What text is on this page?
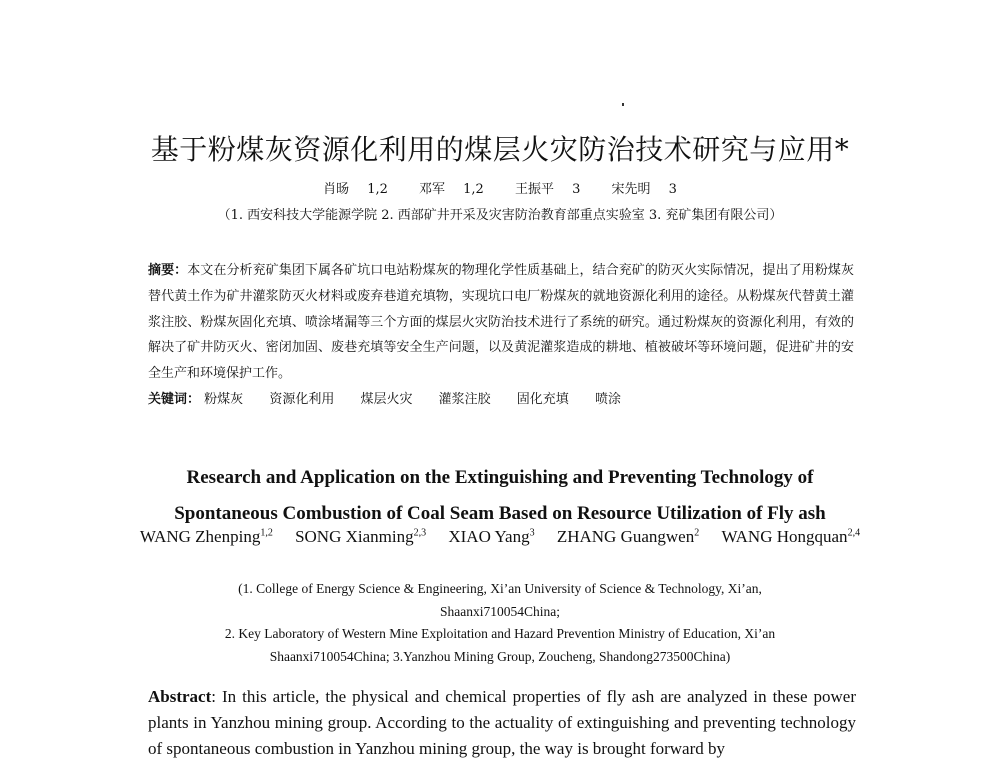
基于粉煤灰资源化利用的煤层火灾防治技术研究与应用*
肖旸 1,2　 邓军 1,2　 王振平 3　 宋先明 3
（1. 西安科技大学能源学院 2. 西部矿井开采及灾害防治教育部重点实验室 3. 兖矿集团有限公司）
摘要：本文在分析兖矿集团下属各矿坑口电站粉煤灰的物理化学性质基础上，结合兖矿的防灭火实际情况，提出了用粉煤灰替代黄土作为矿井灌浆防灭火材料或废弃巷道充填物，实现坑口电厂粉煤灰的就地资源化利用的途径。从粉煤灰代替黄土灌浆注胶、粉煤灰固化充填、喷涂堵漏等三个方面的煤层火灾防治技术进行了系统的研究。通过粉煤灰的资源化利用，有效的解决了矿井防灭火、密闭加固、废巷充填等安全生产问题，以及黄泥灌浆造成的耕地、植被破坏等环境问题，促进矿井的安全生产和环境保护工作。
关键词： 粉煤灰 资源化利用 煤层火灾 灌浆注胶 固化充填 喷涂
Research and Application on the Extinguishing and Preventing Technology of
Spontaneous Combustion of Coal Seam Based on Resource Utilization of Fly ash
WANG Zhenping$^{1,2}$ SONG Xianming$^{2,3}$ XIAO Yang$^3$ ZHANG Guangwen$^2$ WANG Hongquan$^{2,4}$
(1. College of Energy Science & Engineering, Xi’an University of Science & Technology, Xi’an,
Shaanxi710054China;
2. Key Laboratory of Western Mine Exploitation and Hazard Prevention Ministry of Education, Xi’an
Shaanxi710054China; 3.Yanzhou Mining Group, Zoucheng, Shandong273500China)
Abstract: In this article, the physical and chemical properties of fly ash are analyzed in these power plants in Yanzhou mining group. According to the actuality of extinguishing and preventing technology of spontaneous combustion in Yanzhou mining group, the way is brought forward by
